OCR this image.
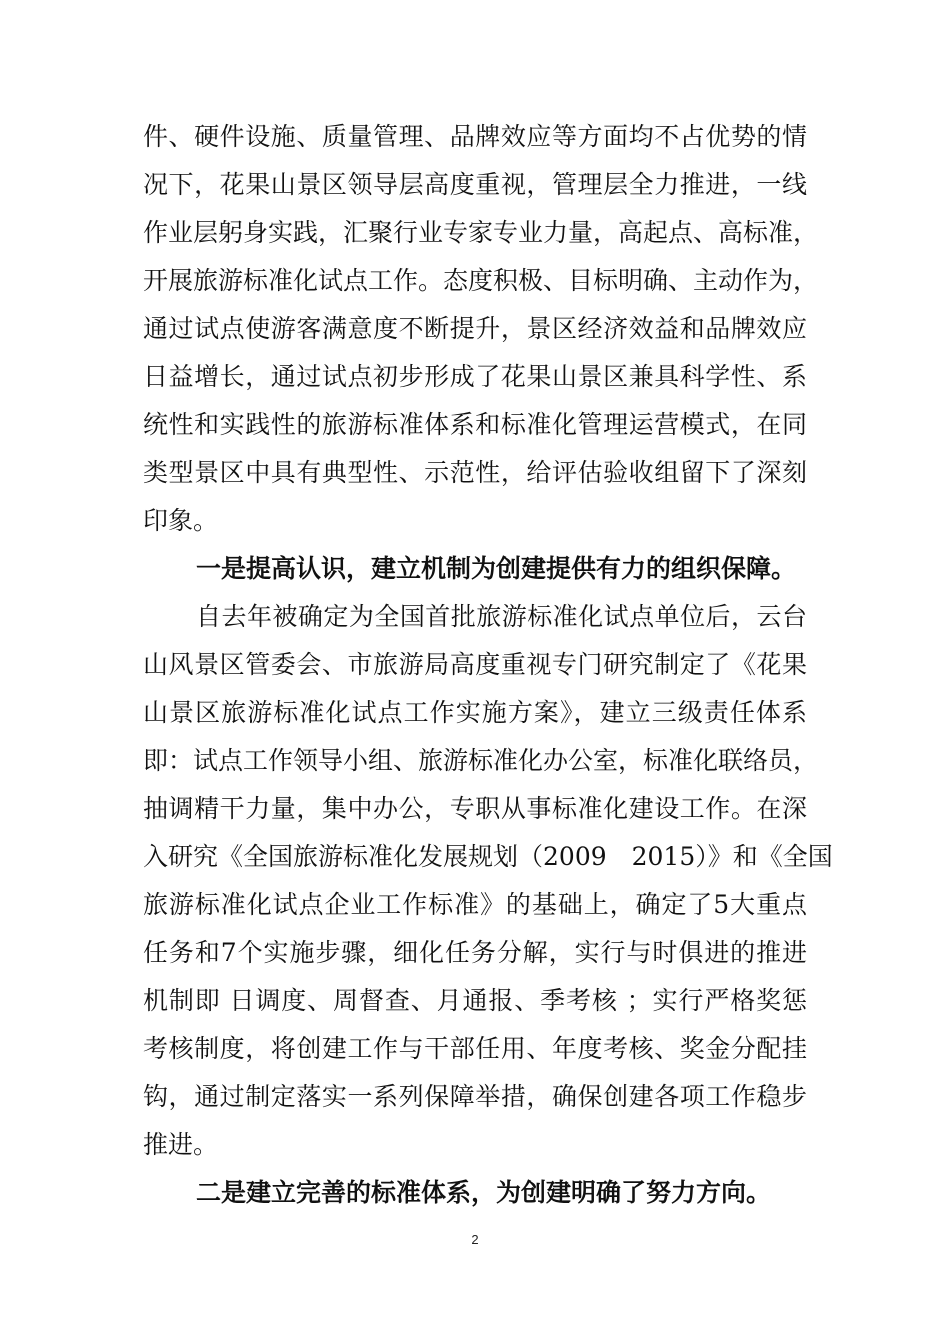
件、硬件设施、质量管理、品牌效应等方面均不占优势的情
况下，花果山景区领导层高度重视，管理层全力推进，一线
作业层躬身实践，汇聚行业专家专业力量，高起点、高标准，
开展旅游标准化试点工作。态度积极、目标明确、主动作为，
通过试点使游客满意度不断提升，景区经济效益和品牌效应
日益增长，通过试点初步形成了花果山景区兼具科学性、系
统性和实践性的旅游标准体系和标准化管理运营模式，在同
类型景区中具有典型性、示范性，给评估验收组留下了深刻
印象。
一是提高认识，建立机制为创建提供有力的组织保障。
自去年被确定为全国首批旅游标准化试点单位后，云台
山风景区管委会、市旅游局高度重视专门研究制定了《花果
山景区旅游标准化试点工作实施方案》，建立三级责任体系
即：试点工作领导小组、旅游标准化办公室，标准化联络员，
抽调精干力量，集中办公，专职从事标准化建设工作。在深
入研究《全国旅游标准化发展规划（2009　2015）》和《全国
旅游标准化试点企业工作标准》的基础上，确定了5大重点
任务和7个实施步骤，细化任务分解，实行与时俱进的推进
机制即 日调度、周督查、月通报、季考核 ；实行严格奖惩
考核制度，将创建工作与干部任用、年度考核、奖金分配挂
钩，通过制定落实一系列保障举措，确保创建各项工作稳步
推进。
二是建立完善的标准体系，为创建明确了努力方向。
2
